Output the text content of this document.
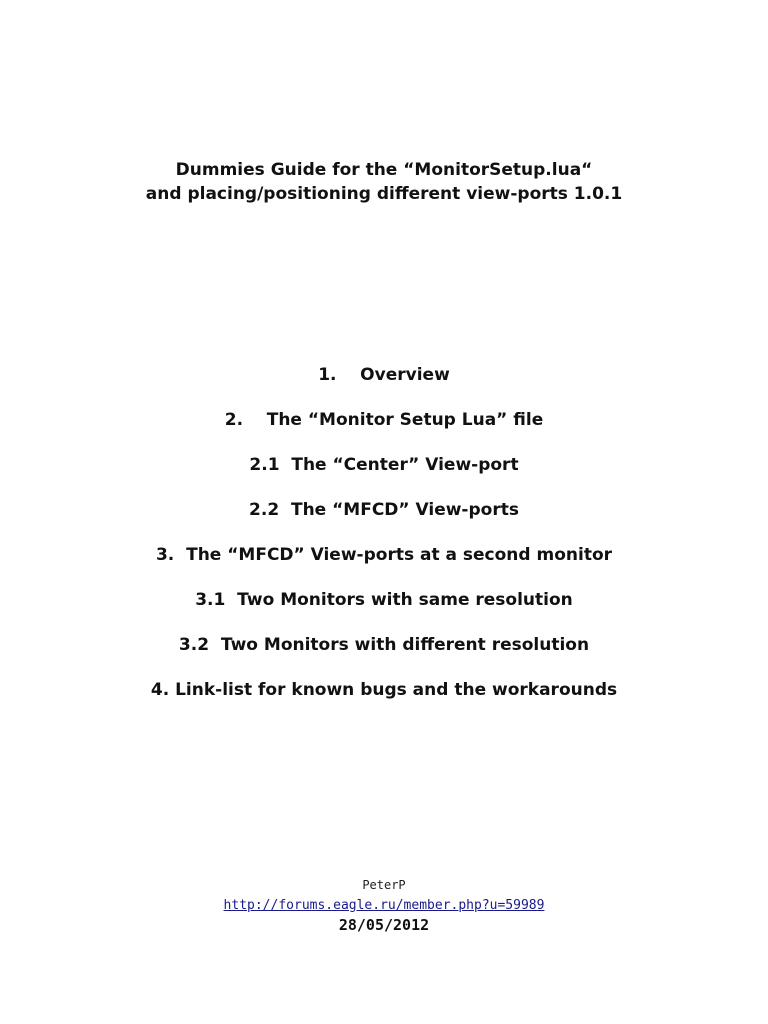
Dummies Guide for the “MonitorSetup.lua“
and placing/positioning different view-ports 1.0.1
1.    Overview
2.    The “Monitor Setup Lua” file
2.1  The “Center” View-port
2.2  The “MFCD” View-ports
3.  The “MFCD” View-ports at a second monitor
3.1  Two Monitors with same resolution
3.2  Two Monitors with different resolution
4. Link-list for known bugs and the workarounds
PeterP
http://forums.eagle.ru/member.php?u=59989
28/05/2012
